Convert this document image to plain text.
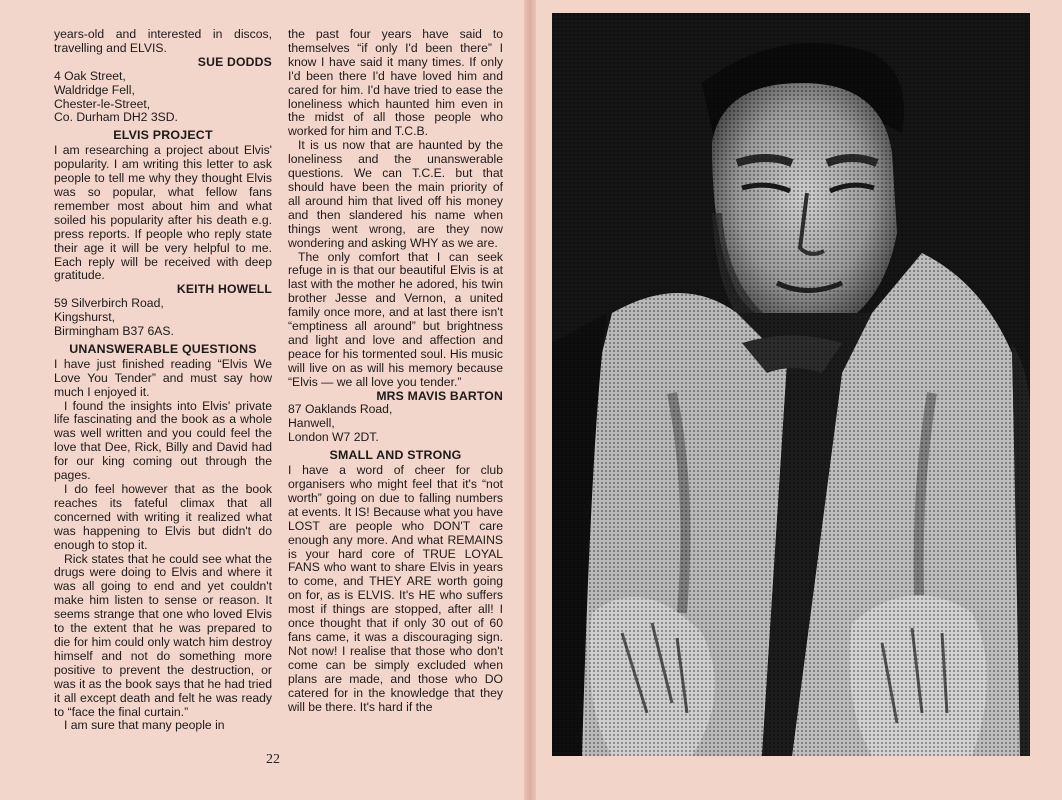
years-old and interested in discos, travelling and ELVIS.

SUE DODDS
4 Oak Street,
Waldridge Fell,
Chester-le-Street,
Co. Durham DH2 3SD.
ELVIS PROJECT

I am researching a project about Elvis' popularity. I am writing this letter to ask people to tell me why they thought Elvis was so popular, what fellow fans remember most about him and what soiled his popularity after his death e.g. press reports. If people who reply state their age it will be very helpful to me. Each reply will be received with deep gratitude.

KEITH HOWELL
59 Silverbirch Road,
Kingshurst,
Birmingham B37 6AS.
UNANSWERABLE QUESTIONS

I have just finished reading “Elvis We Love You Tender” and must say how much I enjoyed it.

I found the insights into Elvis' private life fascinating and the book as a whole was well written and you could feel the love that Dee, Rick, Billy and David had for our king coming out through the pages.

I do feel however that as the book reaches its fateful climax that all concerned with writing it realized what was happening to Elvis but didn't do enough to stop it.

Rick states that he could see what the drugs were doing to Elvis and where it was all going to end and yet couldn't make him listen to sense or reason. It seems strange that one who loved Elvis to the extent that he was prepared to die for him could only watch him destroy himself and not do something more positive to prevent the destruction, or was it as the book says that he had tried it all except death and felt he was ready to “face the final curtain.”

I am sure that many people in

the past four years have said to themselves “if only I'd been there” I know I have said it many times. If only I'd been there I'd have loved him and cared for him. I'd have tried to ease the loneliness which haunted him even in the midst of all those people who worked for him and T.C.B.

It is us now that are haunted by the loneliness and the unanswerable questions. We can T.C.E. but that should have been the main priority of all around him that lived off his money and then slandered his name when things went wrong, are they now wondering and asking WHY as we are.

The only comfort that I can seek refuge in is that our beautiful Elvis is at last with the mother he adored, his twin brother Jesse and Vernon, a united family once more, and at last there isn't “emptiness all around” but brightness and light and love and affection and peace for his tormented soul. His music will live on as will his memory because “Elvis — we all love you tender.”

MRS MAVIS BARTON
87 Oaklands Road,
Hanwell,
London W7 2DT.
SMALL AND STRONG

I have a word of cheer for club organisers who might feel that it's “not worth” going on due to falling numbers at events. It IS! Because what you have LOST are people who DON'T care enough any more. And what REMAINS is your hard core of TRUE LOYAL FANS who want to share Elvis in years to come, and THEY ARE worth going on for, as is ELVIS. It's HE who suffers most if things are stopped, after all! I once thought that if only 30 out of 60 fans came, it was a discouraging sign. Not now! I realise that those who don't come can be simply excluded when plans are made, and those who DO catered for in the knowledge that they will be there. It's hard if the

22
